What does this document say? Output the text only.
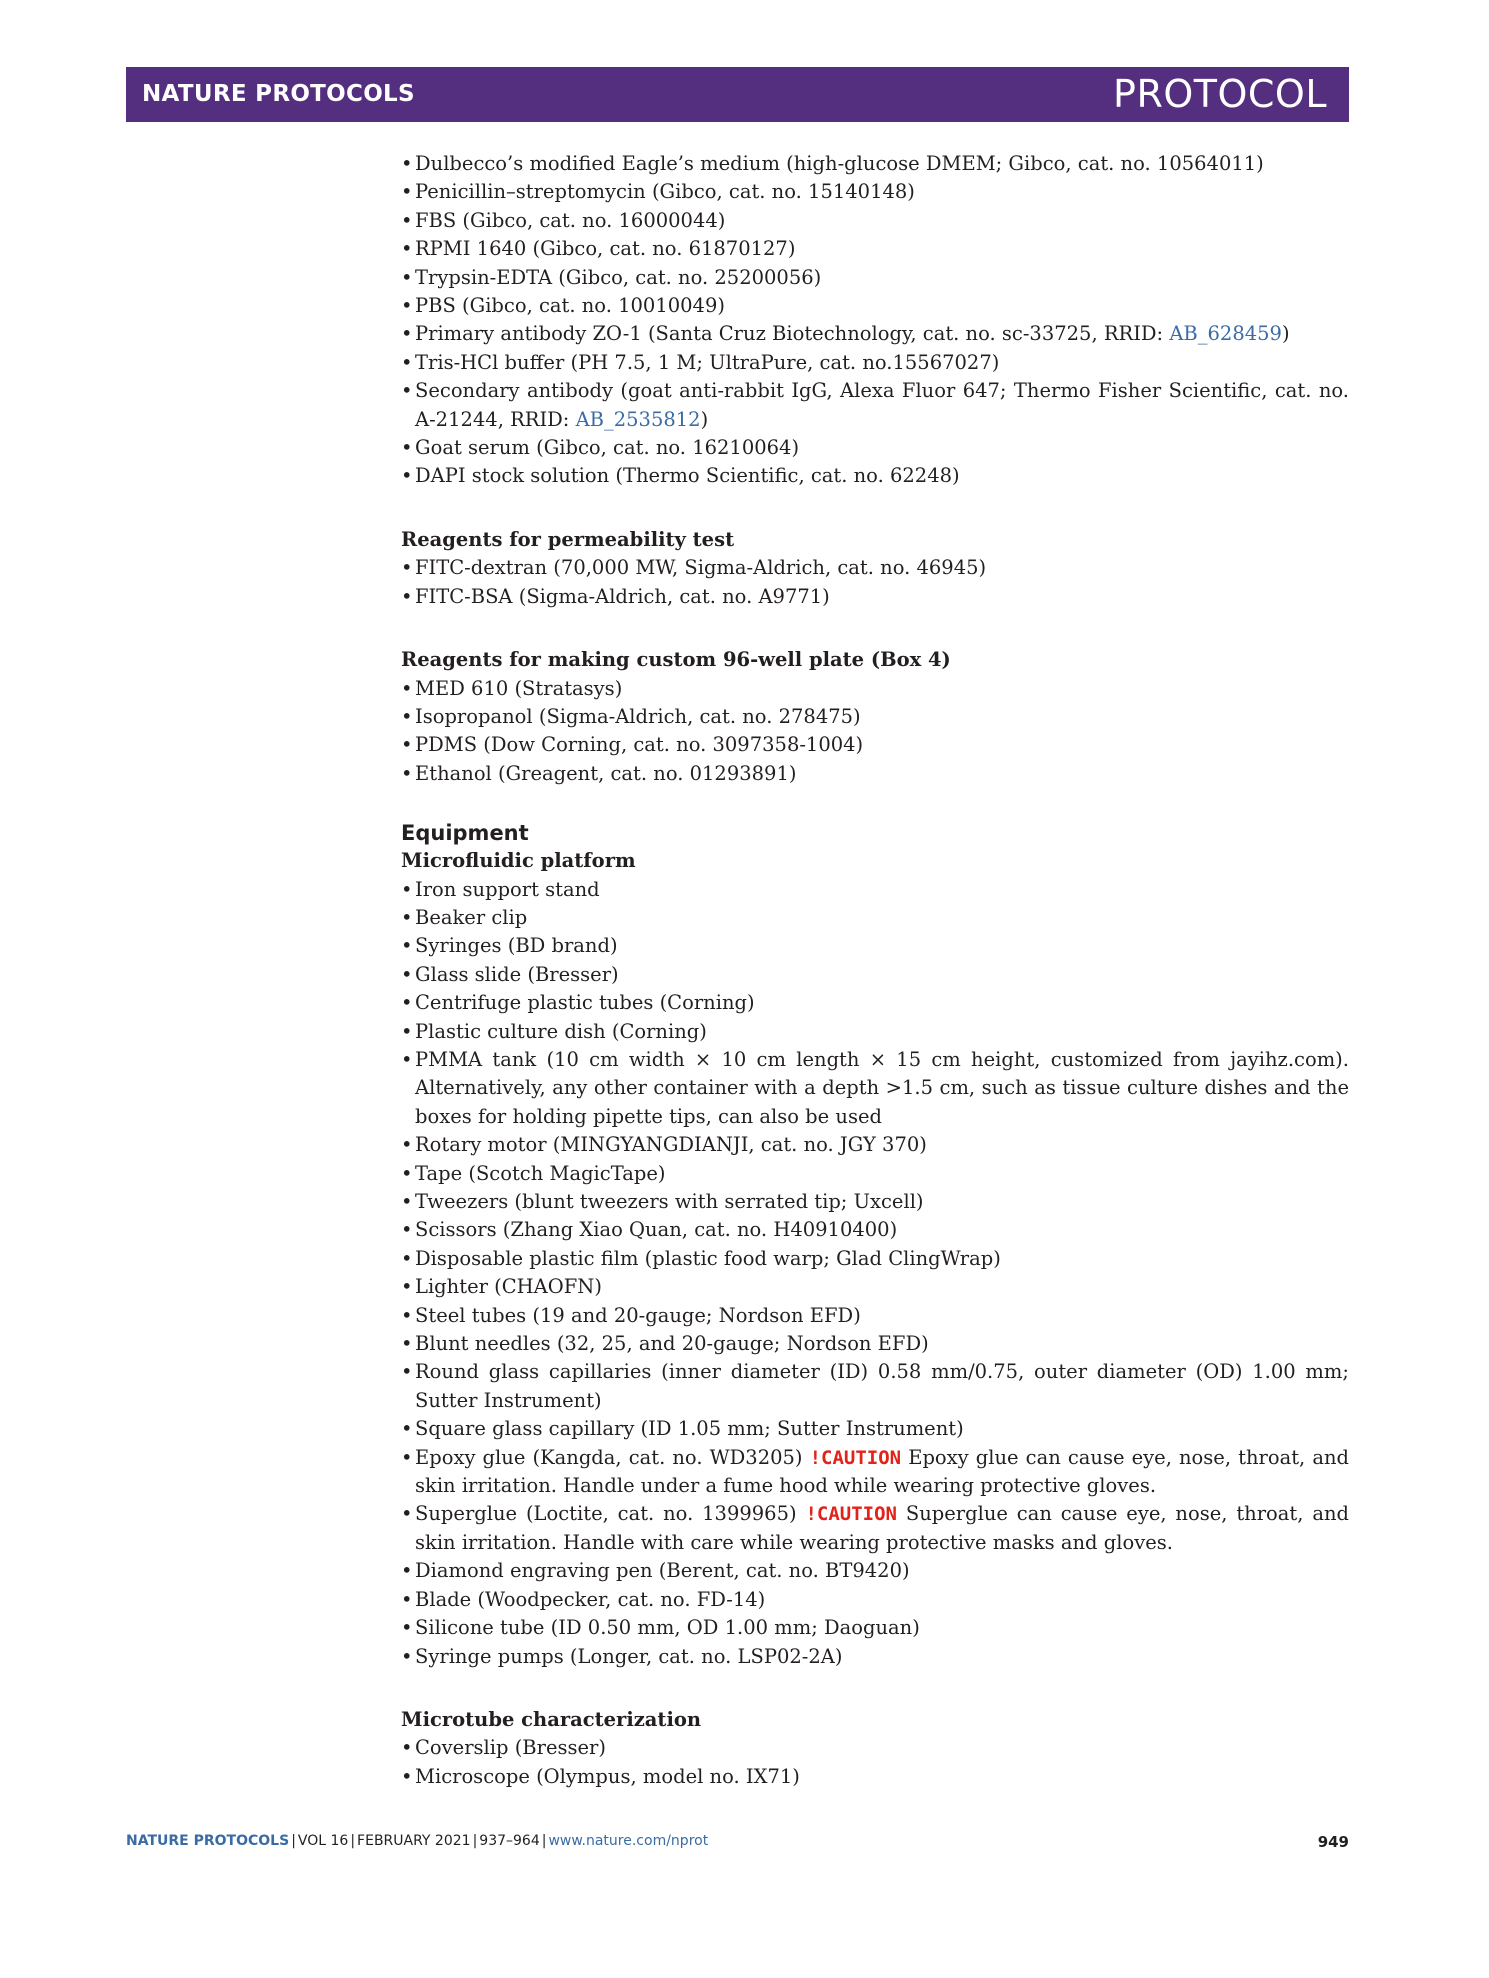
NATURE PROTOCOLS	PROTOCOL
• Dulbecco’s modified Eagle’s medium (high-glucose DMEM; Gibco, cat. no. 10564011)
• Penicillin–streptomycin (Gibco, cat. no. 15140148)
• FBS (Gibco, cat. no. 16000044)
• RPMI 1640 (Gibco, cat. no. 61870127)
• Trypsin-EDTA (Gibco, cat. no. 25200056)
• PBS (Gibco, cat. no. 10010049)
• Primary antibody ZO-1 (Santa Cruz Biotechnology, cat. no. sc-33725, RRID: AB_628459)
• Tris-HCl buffer (PH 7.5, 1 M; UltraPure, cat. no.15567027)
• Secondary antibody (goat anti-rabbit IgG, Alexa Fluor 647; Thermo Fisher Scientific, cat. no. A-21244, RRID: AB_2535812)
• Goat serum (Gibco, cat. no. 16210064)
• DAPI stock solution (Thermo Scientific, cat. no. 62248)
Reagents for permeability test
• FITC-dextran (70,000 MW, Sigma-Aldrich, cat. no. 46945)
• FITC-BSA (Sigma-Aldrich, cat. no. A9771)
Reagents for making custom 96-well plate (Box 4)
• MED 610 (Stratasys)
• Isopropanol (Sigma-Aldrich, cat. no. 278475)
• PDMS (Dow Corning, cat. no. 3097358-1004)
• Ethanol (Greagent, cat. no. 01293891)
Equipment
Microfluidic platform
• Iron support stand
• Beaker clip
• Syringes (BD brand)
• Glass slide (Bresser)
• Centrifuge plastic tubes (Corning)
• Plastic culture dish (Corning)
• PMMA tank (10 cm width × 10 cm length × 15 cm height, customized from jayihz.com). Alternatively, any other container with a depth >1.5 cm, such as tissue culture dishes and the boxes for holding pipette tips, can also be used
• Rotary motor (MINGYANGDIANJI, cat. no. JGY 370)
• Tape (Scotch MagicTape)
• Tweezers (blunt tweezers with serrated tip; Uxcell)
• Scissors (Zhang Xiao Quan, cat. no. H40910400)
• Disposable plastic film (plastic food warp; Glad ClingWrap)
• Lighter (CHAOFN)
• Steel tubes (19 and 20-gauge; Nordson EFD)
• Blunt needles (32, 25, and 20-gauge; Nordson EFD)
• Round glass capillaries (inner diameter (ID) 0.58 mm/0.75, outer diameter (OD) 1.00 mm; Sutter Instrument)
• Square glass capillary (ID 1.05 mm; Sutter Instrument)
• Epoxy glue (Kangda, cat. no. WD3205) !CAUTION Epoxy glue can cause eye, nose, throat, and skin irritation. Handle under a fume hood while wearing protective gloves.
• Superglue (Loctite, cat. no. 1399965) !CAUTION Superglue can cause eye, nose, throat, and skin irritation. Handle with care while wearing protective masks and gloves.
• Diamond engraving pen (Berent, cat. no. BT9420)
• Blade (Woodpecker, cat. no. FD-14)
• Silicone tube (ID 0.50 mm, OD 1.00 mm; Daoguan)
• Syringe pumps (Longer, cat. no. LSP02-2A)
Microtube characterization
• Coverslip (Bresser)
• Microscope (Olympus, model no. IX71)
NATURE PROTOCOLS | VOL 16 | FEBRUARY 2021 | 937–964 | www.nature.com/nprot	949
